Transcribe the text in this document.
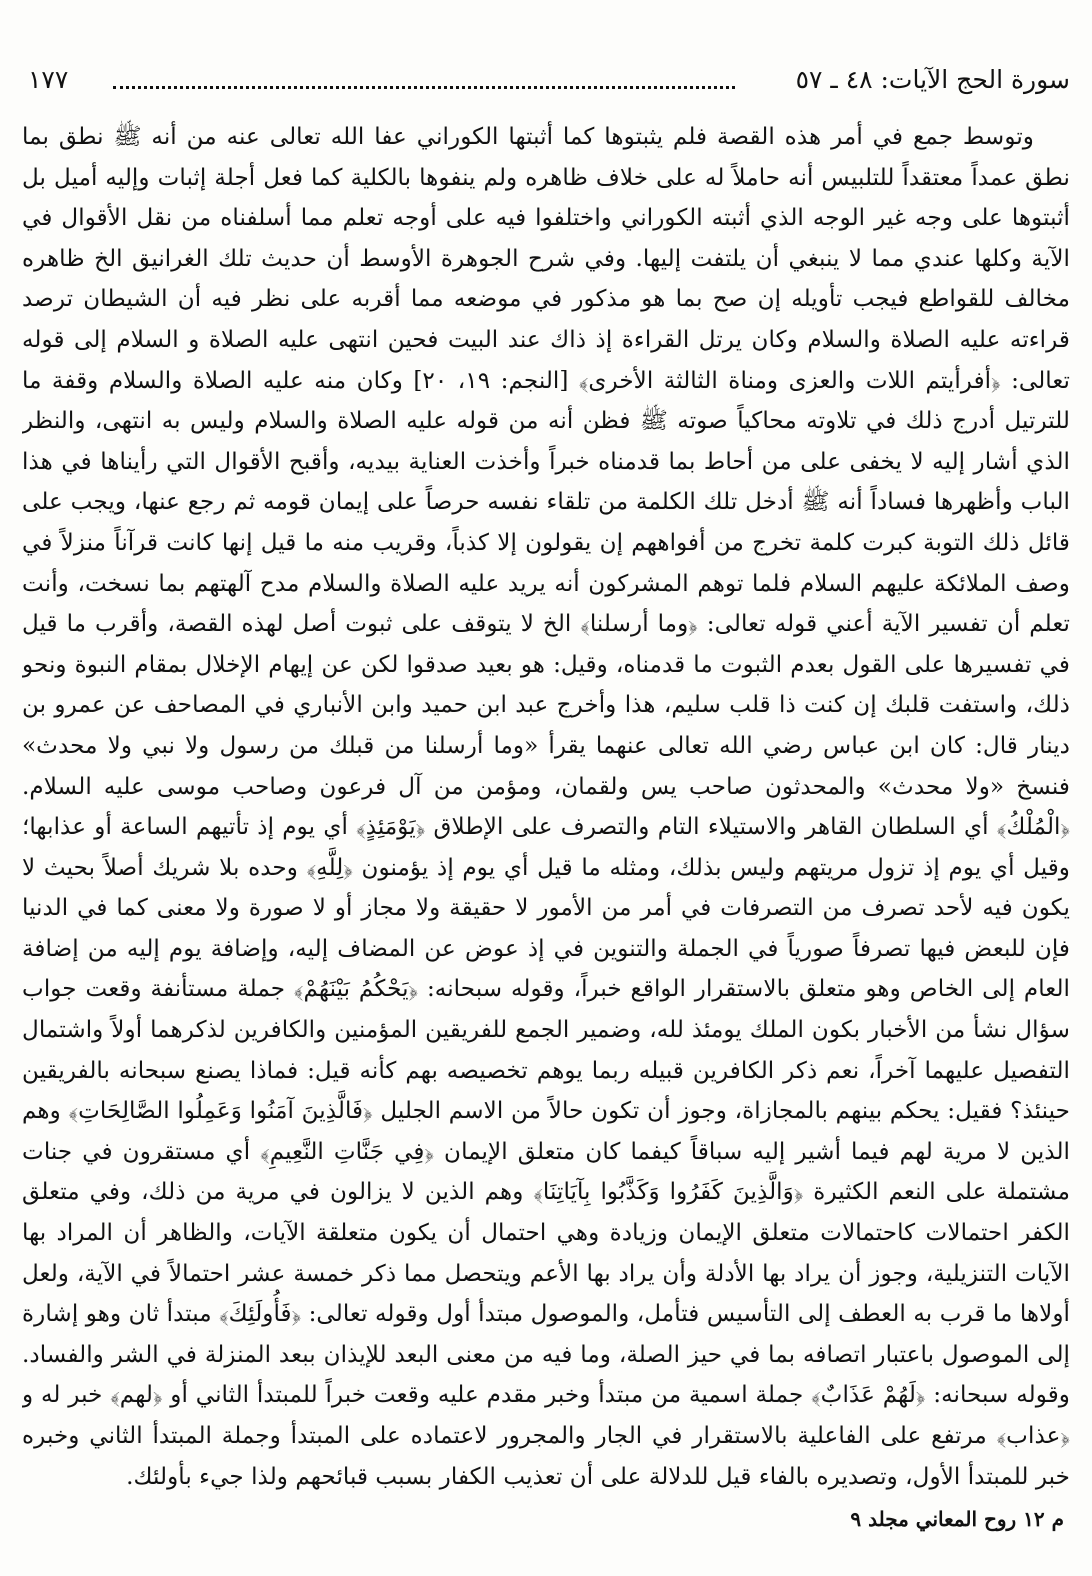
سورة الحج الآيات: ٤٨ ـ ٥٧
١٧٧

وتوسط جمع في أمر هذه القصة فلم يثبتوها كما أثبتها الكوراني عفا الله تعالى عنه من أنه ﷺ نطق بما نطق عمداً معتقداً للتلبيس أنه حاملاً له على خلاف ظاهره ولم ينفوها بالكلية كما فعل أجلة إثبات وإليه أميل بل أثبتوها على وجه غير الوجه الذي أثبته الكوراني واختلفوا فيه على أوجه تعلم مما أسلفناه من نقل الأقوال في الآية وكلها عندي مما لا ينبغي أن يلتفت إليها. وفي شرح الجوهرة الأوسط أن حديث تلك الغرانيق الخ ظاهره مخالف للقواطع فيجب تأويله إن صح بما هو مذكور في موضعه مما أقربه على نظر فيه أن الشيطان ترصد قراءته عليه الصلاة والسلام وكان يرتل القراءة إذ ذاك عند البيت فحين انتهى عليه الصلاة و السلام إلى قوله تعالى: ﴿أفرأيتم اللات والعزى ومناة الثالثة الأخرى﴾ [النجم: ١٩، ٢٠] وكان منه عليه الصلاة والسلام وقفة ما للترتيل أدرج ذلك في تلاوته محاكياً صوته ﷺ فظن أنه من قوله عليه الصلاة والسلام وليس به انتهى، والنظر الذي أشار إليه لا يخفى على من أحاط بما قدمناه خبراً وأخذت العناية بيديه، وأقبح الأقوال التي رأيناها في هذا الباب وأظهرها فساداً أنه ﷺ أدخل تلك الكلمة من تلقاء نفسه حرصاً على إيمان قومه ثم رجع عنها، ويجب على قائل ذلك التوبة كبرت كلمة تخرج من أفواههم إن يقولون إلا كذباً، وقريب منه ما قيل إنها كانت قرآناً منزلاً في وصف الملائكة عليهم السلام فلما توهم المشركون أنه يريد عليه الصلاة والسلام مدح آلهتهم بما نسخت، وأنت تعلم أن تفسير الآية أعني قوله تعالى: ﴿وما أرسلنا﴾ الخ لا يتوقف على ثبوت أصل لهذه القصة، وأقرب ما قيل في تفسيرها على القول بعدم الثبوت ما قدمناه، وقيل: هو بعيد صدقوا لكن عن إيهام الإخلال بمقام النبوة ونحو ذلك، واستفت قلبك إن كنت ذا قلب سليم، هذا وأخرج عبد ابن حميد وابن الأنباري في المصاحف عن عمرو بن دينار قال: كان ابن عباس رضي الله تعالى عنهما يقرأ «وما أرسلنا من قبلك من رسول ولا نبي ولا محدث» فنسخ «ولا محدث» والمحدثون صاحب يس ولقمان، ومؤمن من آل فرعون وصاحب موسى عليه السلام. ﴿الْمُلْكُ﴾ أي السلطان القاهر والاستيلاء التام والتصرف على الإطلاق ﴿يَوْمَئِذٍ﴾ أي يوم إذ تأتيهم الساعة أو عذابها؛ وقيل أي يوم إذ تزول مريتهم وليس بذلك، ومثله ما قيل أي يوم إذ يؤمنون ﴿لِلَّهِ﴾ وحده بلا شريك أصلاً بحيث لا يكون فيه لأحد تصرف من التصرفات في أمر من الأمور لا حقيقة ولا مجاز أو لا صورة ولا معنى كما في الدنيا فإن للبعض فيها تصرفاً صورياً في الجملة والتنوين في إذ عوض عن المضاف إليه، وإضافة يوم إليه من إضافة العام إلى الخاص وهو متعلق بالاستقرار الواقع خبراً، وقوله سبحانه: ﴿يَحْكُمُ بَيْنَهُمْ﴾ جملة مستأنفة وقعت جواب سؤال نشأ من الأخبار بكون الملك يومئذ لله، وضمير الجمع للفريقين المؤمنين والكافرين لذكرهما أولاً واشتمال التفصيل عليهما آخراً، نعم ذكر الكافرين قبيله ربما يوهم تخصيصه بهم كأنه قيل: فماذا يصنع سبحانه بالفريقين حينئذ؟ فقيل: يحكم بينهم بالمجازاة، وجوز أن تكون حالاً من الاسم الجليل ﴿فَالَّذِينَ آمَنُوا وَعَمِلُوا الصَّالِحَاتِ﴾ وهم الذين لا مرية لهم فيما أشير إليه سباقاً كيفما كان متعلق الإيمان ﴿فِي جَنَّاتِ النَّعِيمِ﴾ أي مستقرون في جنات مشتملة على النعم الكثيرة ﴿وَالَّذِينَ كَفَرُوا وَكَذَّبُوا بِآيَاتِنَا﴾ وهم الذين لا يزالون في مرية من ذلك، وفي متعلق الكفر احتمالات كاحتمالات متعلق الإيمان وزيادة وهي احتمال أن يكون متعلقة الآيات، والظاهر أن المراد بها الآيات التنزيلية، وجوز أن يراد بها الأدلة وأن يراد بها الأعم ويتحصل مما ذكر خمسة عشر احتمالاً في الآية، ولعل أولاها ما قرب به العطف إلى التأسيس فتأمل، والموصول مبتدأ أول وقوله تعالى: ﴿فَأُولَئِكَ﴾ مبتدأ ثان وهو إشارة إلى الموصول باعتبار اتصافه بما في حيز الصلة، وما فيه من معنى البعد للإيذان ببعد المنزلة في الشر والفساد. وقوله سبحانه: ﴿لَهُمْ عَذَابٌ﴾ جملة اسمية من مبتدأ وخبر مقدم عليه وقعت خبراً للمبتدأ الثاني أو ﴿لهم﴾ خبر له و ﴿عذاب﴾ مرتفع على الفاعلية بالاستقرار في الجار والمجرور لاعتماده على المبتدأ وجملة المبتدأ الثاني وخبره خبر للمبتدأ الأول، وتصديره بالفاء قيل للدلالة على أن تعذيب الكفار بسبب قبائحهم ولذا جيء بأولئك.

م ١٢ روح المعاني مجلد ٩
